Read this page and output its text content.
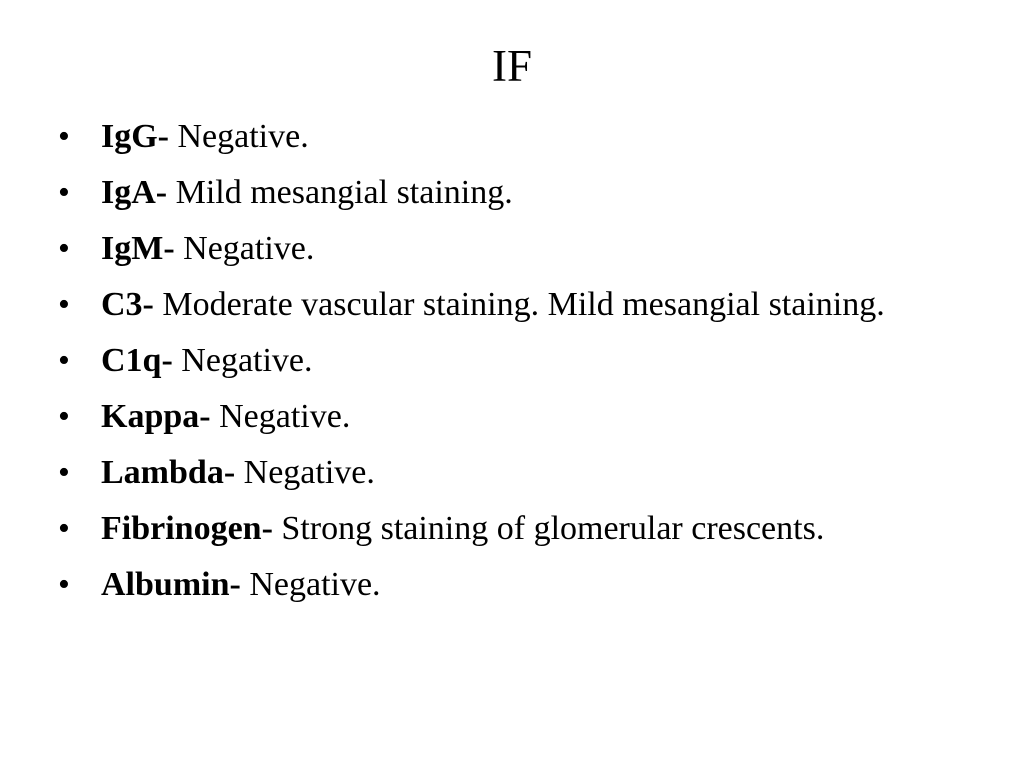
IF
• IgG- Negative.
• IgA- Mild mesangial staining.
• IgM- Negative.
• C3- Moderate vascular staining. Mild mesangial staining.
• C1q- Negative.
• Kappa- Negative.
• Lambda- Negative.
• Fibrinogen- Strong staining of glomerular crescents.
• Albumin- Negative.
